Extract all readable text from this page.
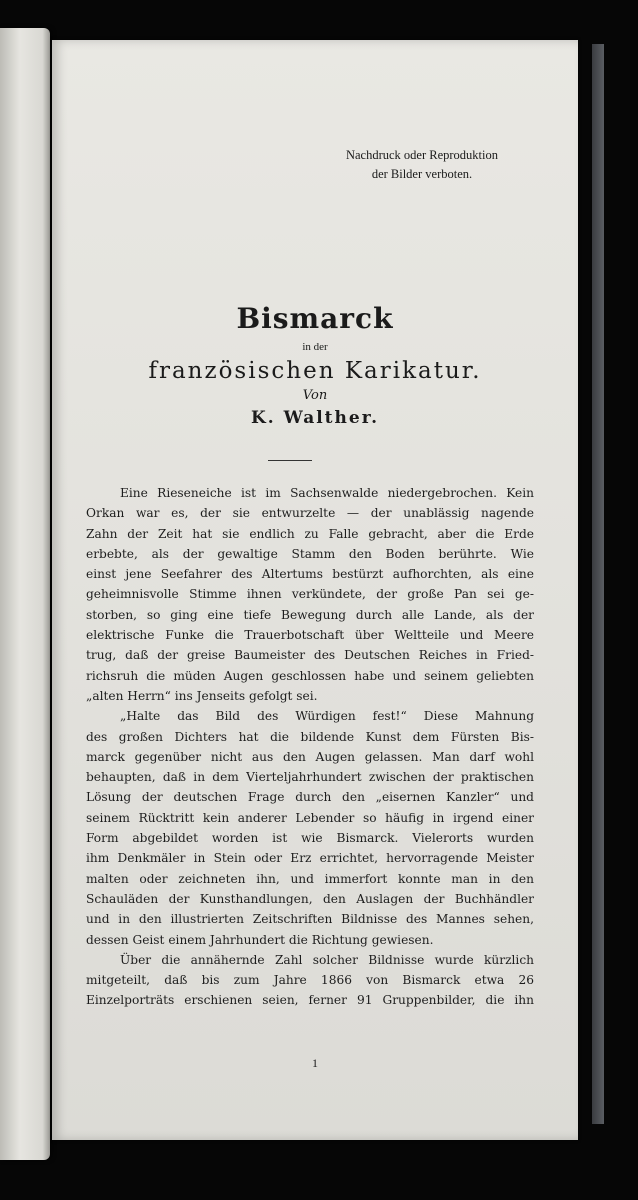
Nachdruck oder Reproduktion
der Bilder verboten.
Bismarck
in der
französischen Karikatur.
Von
K. Walther.
Eine Rieseneiche ist im Sachsenwalde niedergebrochen. Kein
Orkan war es, der sie entwurzelte — der unablässig nagende
Zahn der Zeit hat sie endlich zu Falle gebracht, aber die Erde
erbebte, als der gewaltige Stamm den Boden berührte. Wie
einst jene Seefahrer des Altertums bestürzt aufhorchten, als eine
geheimnisvolle Stimme ihnen verkündete, der große Pan sei ge-
storben, so ging eine tiefe Bewegung durch alle Lande, als der
elektrische Funke die Trauerbotschaft über Weltteile und Meere
trug, daß der greise Baumeister des Deutschen Reiches in Fried-
richsruh die müden Augen geschlossen habe und seinem geliebten
„alten Herrn“ ins Jenseits gefolgt sei.
„Halte das Bild des Würdigen fest!“ Diese Mahnung
des großen Dichters hat die bildende Kunst dem Fürsten Bis-
marck gegenüber nicht aus den Augen gelassen. Man darf wohl
behaupten, daß in dem Vierteljahrhundert zwischen der praktischen
Lösung der deutschen Frage durch den „eisernen Kanzler“ und
seinem Rücktritt kein anderer Lebender so häufig in irgend einer
Form abgebildet worden ist wie Bismarck. Vielerorts wurden
ihm Denkmäler in Stein oder Erz errichtet, hervorragende Meister
malten oder zeichneten ihn, und immerfort konnte man in den
Schauläden der Kunsthandlungen, den Auslagen der Buchhändler
und in den illustrierten Zeitschriften Bildnisse des Mannes sehen,
dessen Geist einem Jahrhundert die Richtung gewiesen.
Über die annähernde Zahl solcher Bildnisse wurde kürzlich
mitgeteilt, daß bis zum Jahre 1866 von Bismarck etwa 26
Einzelporträts erschienen seien, ferner 91 Gruppenbilder, die ihn
1
